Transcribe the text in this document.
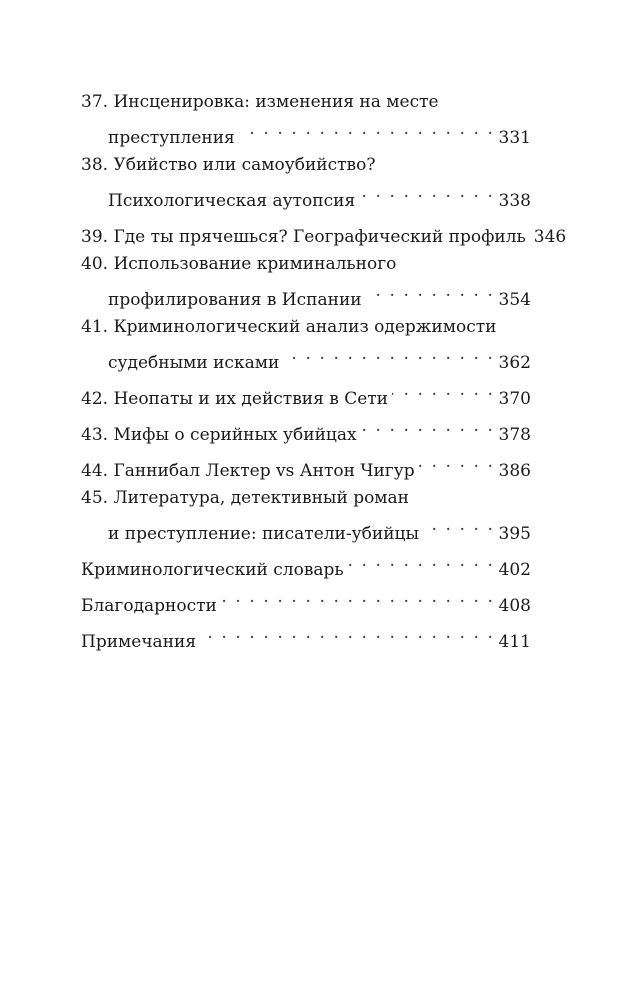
37. Инсценировка: изменения на месте
преступления . . .	331
38. Убийство или самоубийство?
Психологическая аутопсия . . .	338
39. Где ты прячешься? Географический профиль 346
40. Использование криминального
профилирования в Испании . . .	354
41. Криминологический анализ одержимости
судебными исками . . .	362
42. Неопаты и их действия в Сети . . .	370
43. Мифы о серийных убийцах . . .	378
44. Ганнибал Лектер vs Антон Чигур . . .	386
45. Литература, детективный роман
и преступление: писатели-убийцы . . .	395
Криминологический словарь . . .	402
Благодарности . . .	408
Примечания . . .	411
